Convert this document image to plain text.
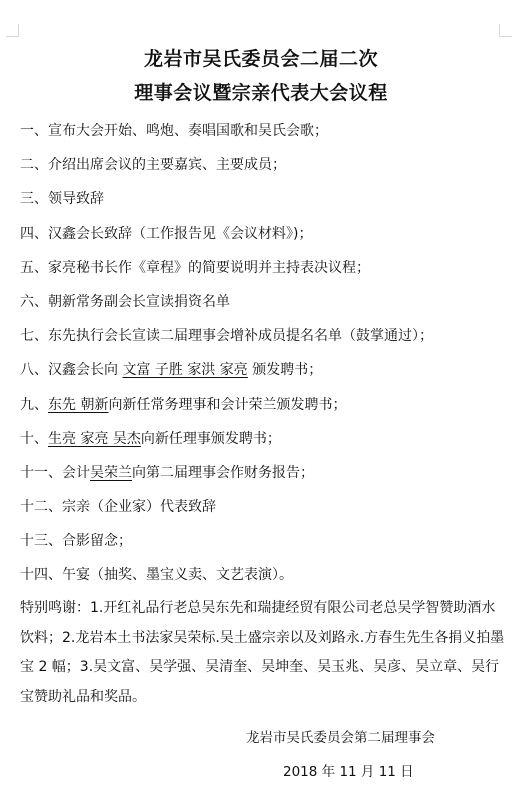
龙岩市吴氏委员会二届二次
理事会议暨宗亲代表大会议程
一、宣布大会开始、鸣炮、奏唱国歌和吴氏会歌；
二、介绍出席会议的主要嘉宾、主要成员；
三、领导致辞
四、汉鑫会长致辞（工作报告见《会议材料》)；
五、家亮秘书长作《章程》的简要说明并主持表决议程；
六、朝新常务副会长宣读捐资名单
七、东先执行会长宣读二届理事会增补成员提名名单（鼓掌通过）；
八、汉鑫会长向 文富 子胜 家洪 家亮 颁发聘书；
九、东先 朝新向新任常务理事和会计荣兰颁发聘书；
十、生亮 家亮 吴杰向新任理事颁发聘书；
十一、会计吴荣兰向第二届理事会作财务报告；
十二、宗亲（企业家）代表致辞
十三、合影留念；
十四、午宴（抽奖、墨宝义卖、文艺表演）。
特别鸣谢：1.开红礼品行老总吴东先和瑞捷经贸有限公司老总吴学智赞助酒水饮料；2.龙岩本土书法家吴荣标.吴土盛宗亲以及刘路永.方春生先生各捐义拍墨宝 2 幅；3.吴文富、吴学强、吴清奎、吴坤奎、吴玉兆、吴彦、吴立章、吴行宝赞助礼品和奖品。
龙岩市吴氏委员会第二届理事会
2018 年 11 月 11 日
